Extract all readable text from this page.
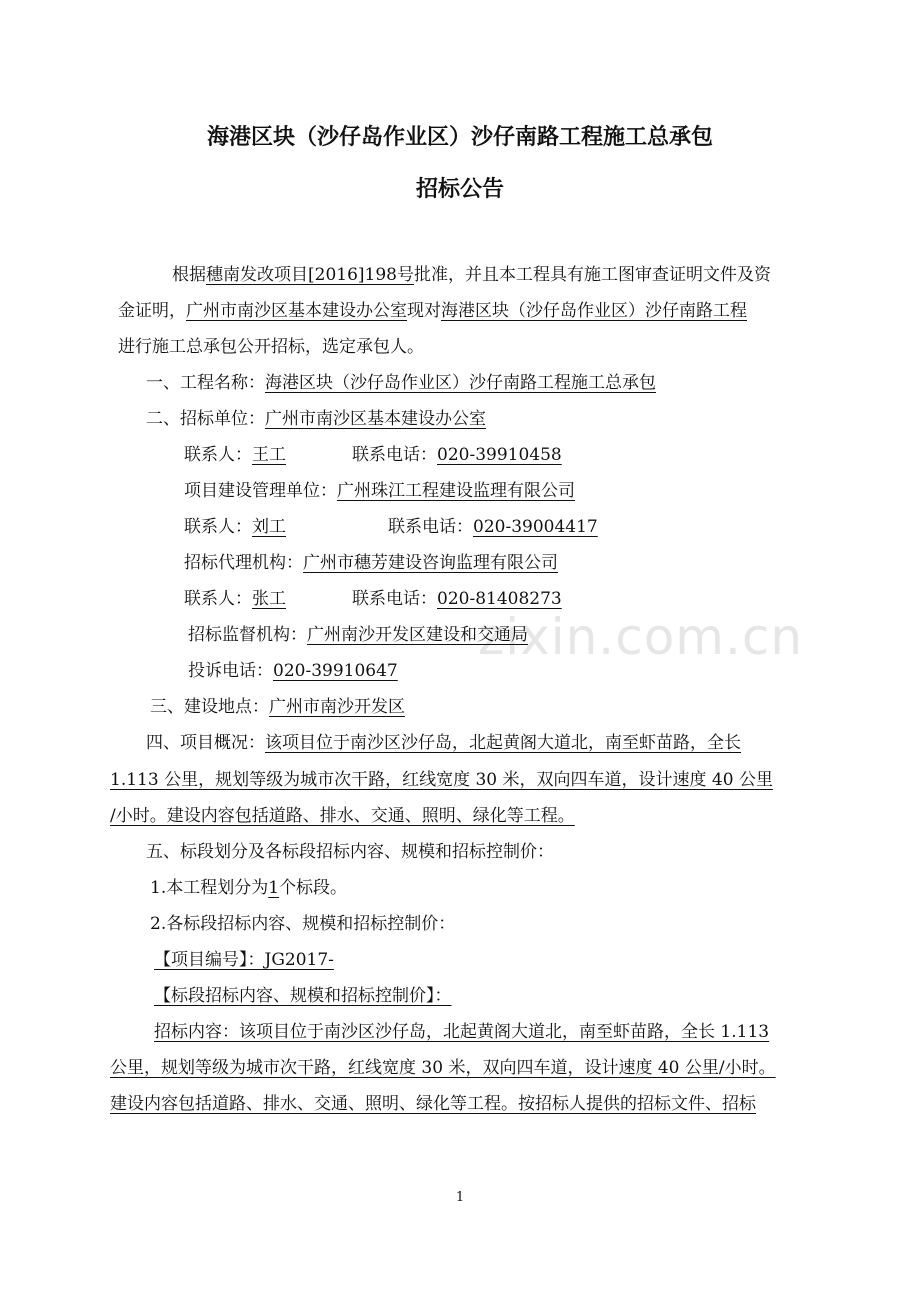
zixin.com.cn
海港区块（沙仔岛作业区）沙仔南路工程施工总承包
招标公告
根据穗南发改项目[2016]198号批准，并且本工程具有施工图审查证明文件及资
金证明，广州市南沙区基本建设办公室现对海港区块（沙仔岛作业区）沙仔南路工程
进行施工总承包公开招标，选定承包人。
一、工程名称：海港区块（沙仔岛作业区）沙仔南路工程施工总承包
二、招标单位：广州市南沙区基本建设办公室
联系人：王工	联系电话：020-39910458
项目建设管理单位：广州珠江工程建设监理有限公司
联系人：刘工	联系电话：020-39004417
招标代理机构：广州市穗芳建设咨询监理有限公司
联系人：张工	联系电话：020-81408273
招标监督机构：广州南沙开发区建设和交通局
投诉电话：020-39910647
三、建设地点：广州市南沙开发区
四、项目概况：该项目位于南沙区沙仔岛，北起黄阁大道北，南至虾苗路，全长
1.113 公里，规划等级为城市次干路，红线宽度 30 米，双向四车道，设计速度 40 公里
/小时。建设内容包括道路、排水、交通、照明、绿化等工程。
五、标段划分及各标段招标内容、规模和招标控制价：
1.本工程划分为1个标段。
2.各标段招标内容、规模和招标控制价：
【项目编号】：JG2017-
【标段招标内容、规模和招标控制价】：
招标内容：该项目位于南沙区沙仔岛，北起黄阁大道北，南至虾苗路，全长 1.113
公里，规划等级为城市次干路，红线宽度 30 米，双向四车道，设计速度 40 公里/小时。
建设内容包括道路、排水、交通、照明、绿化等工程。按招标人提供的招标文件、招标
1
